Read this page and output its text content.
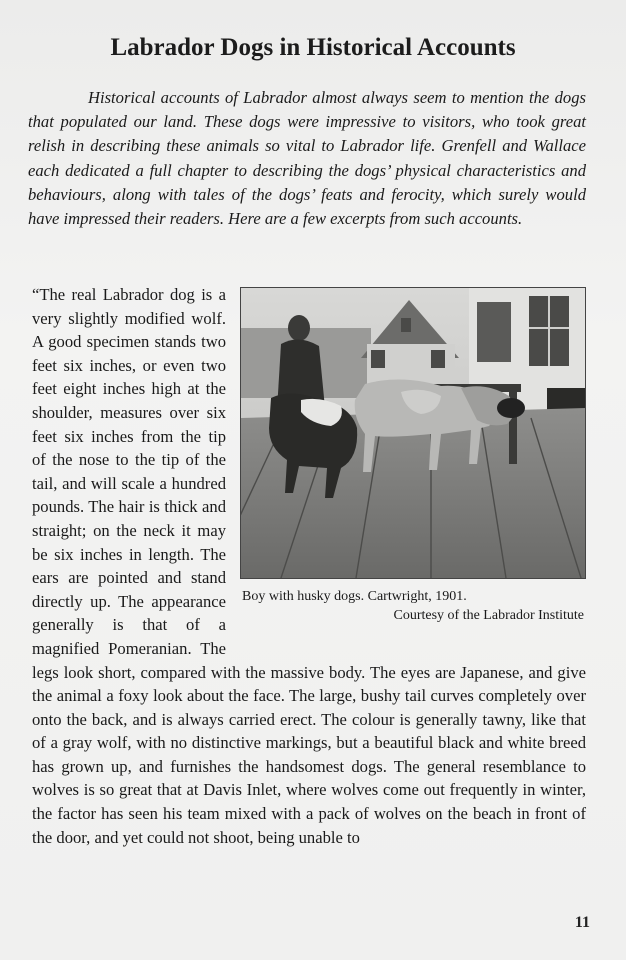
Labrador Dogs in Historical Accounts

Historical accounts of Labrador almost always seem to mention the dogs that populated our land. These dogs were impressive to visitors, who took great relish in describing these animals so vital to Labrador life. Grenfell and Wallace each dedicated a full chapter to describing the dogs’ physical characteristics and behaviours, along with tales of the dogs’ feats and ferocity, which surely would have impressed their readers. Here are a few excerpts from such accounts.

Boy with husky dogs. Cartwright, 1901.
Courtesy of the Labrador Institute
“The real Labrador dog is a very slightly modified wolf. A good specimen stands two feet six inches, or even two feet eight inches high at the shoulder, measures over six feet six inches from the tip of the nose to the tip of the tail, and will scale a hundred pounds. The hair is thick and straight; on the neck it may be six inches in length. The ears are pointed and stand directly up. The appearance generally is that of a magnified Pomeranian. The legs look short, compared with the massive body. The eyes are Japanese, and give the animal a foxy look about the face. The large, bushy tail curves completely over onto the back, and is always carried erect. The colour is generally tawny, like that of a gray wolf, with no distinctive markings, but a beautiful black and white breed has grown up, and furnishes the handsomest dogs. The general resemblance to wolves is so great that at Davis Inlet, where wolves come out frequently in winter, the factor has seen his team mixed with a pack of wolves on the beach in front of the door, and yet could not shoot, being unable to
11
